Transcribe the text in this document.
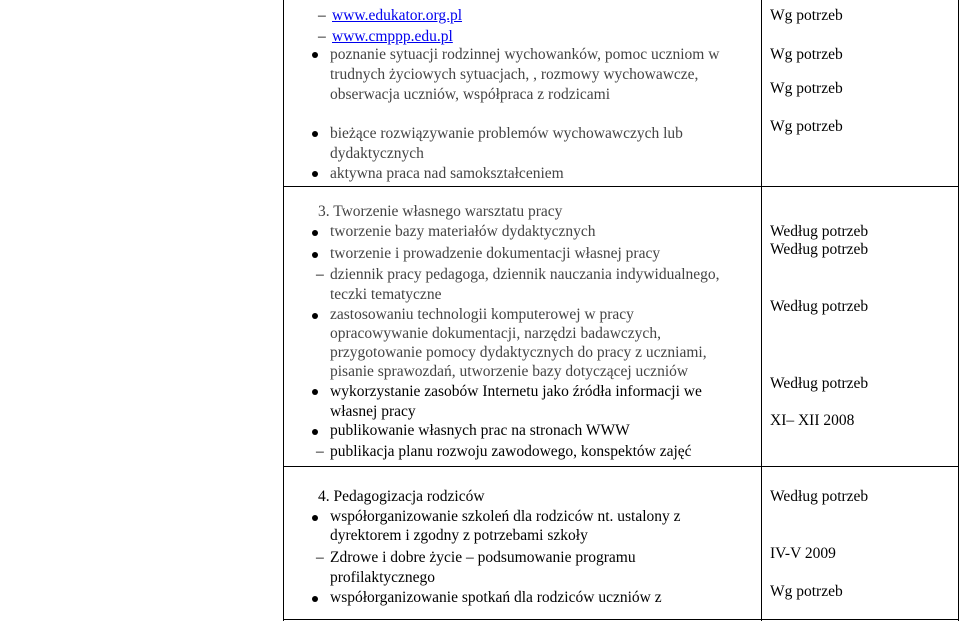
– www.edukator.org.pl
– www.cmppp.edu.pl
poznanie sytuacji rodzinnej wychowanków, pomoc uczniom w
trudnych życiowych sytuacjach, , rozmowy wychowawcze,
obserwacja uczniów, współpraca z rodzicami
bieżące rozwiązywanie problemów wychowawczych lub
dydaktycznych
aktywna praca nad samokształceniem
Wg potrzeb
Wg potrzeb
Wg potrzeb
Wg potrzeb
3. Tworzenie własnego warsztatu pracy
tworzenie bazy materiałów dydaktycznych
tworzenie i prowadzenie dokumentacji własnej pracy
– dziennik pracy pedagoga, dziennik nauczania indywidualnego,
teczki tematyczne
zastosowaniu technologii komputerowej w pracy
opracowywanie dokumentacji, narzędzi badawczych,
przygotowanie pomocy dydaktycznych do pracy z uczniami,
pisanie sprawozdań, utworzenie bazy dotyczącej uczniów
wykorzystanie zasobów Internetu jako źródła informacji we
własnej pracy
publikowanie własnych prac na stronach WWW
– publikacja planu rozwoju zawodowego, konspektów zajęć
Według potrzeb
Według potrzeb
Według potrzeb
Według potrzeb
XI– XII 2008
4. Pedagogizacja rodziców
współorganizowanie szkoleń dla rodziców nt. ustalony z
dyrektorem i zgodny z potrzebami szkoły
– Zdrowe i dobre życie – podsumowanie programu
profilaktycznego
współorganizowanie spotkań dla rodziców uczniów z
Według potrzeb
IV-V 2009
Wg potrzeb
